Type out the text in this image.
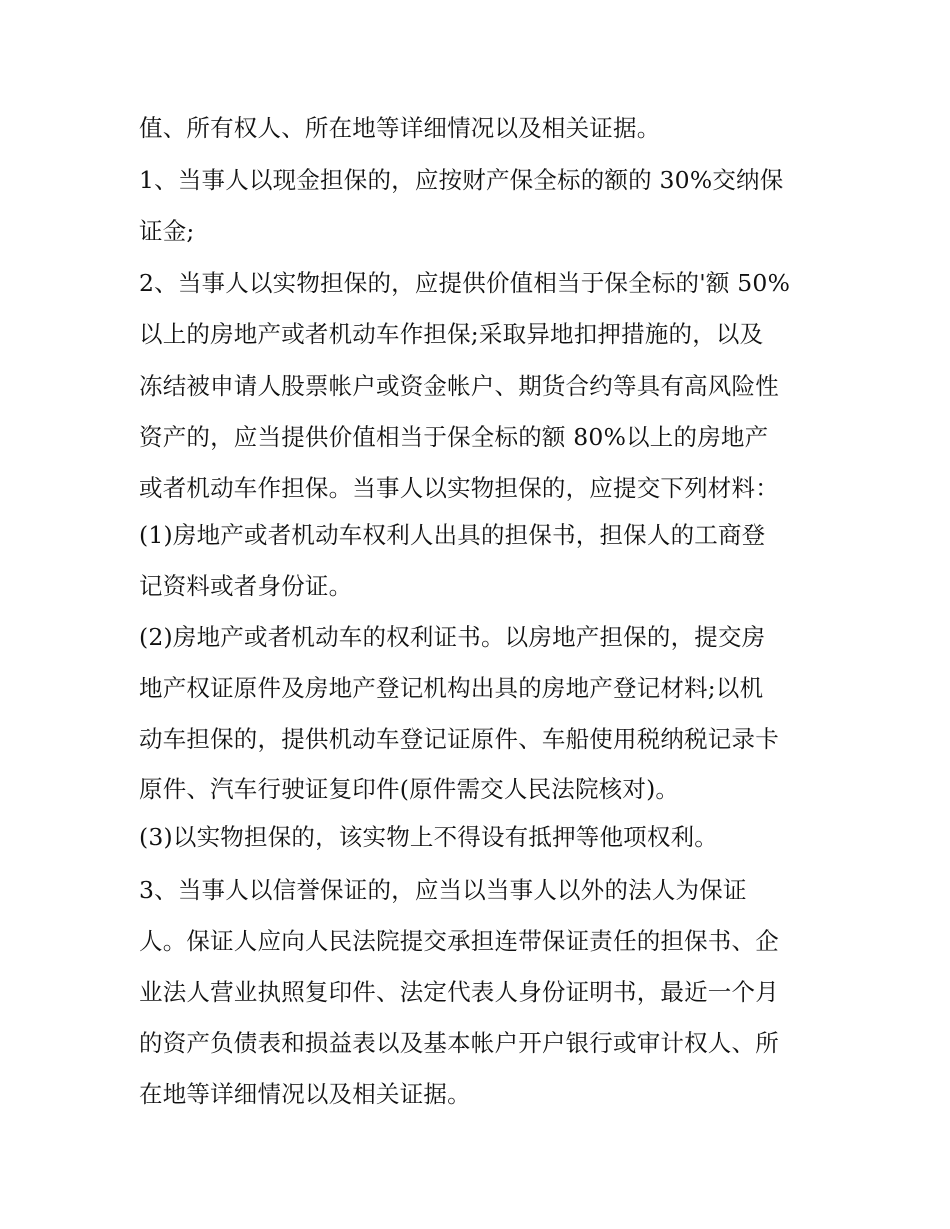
值、所有权人、所在地等详细情况以及相关证据。
1、当事人以现金担保的，应按财产保全标的额的 30%交纳保
证金;
2、当事人以实物担保的，应提供价值相当于保全标的'额 50%
以上的房地产或者机动车作担保;采取异地扣押措施的，以及
冻结被申请人股票帐户或资金帐户、期货合约等具有高风险性
资产的，应当提供价值相当于保全标的额 80%以上的房地产
或者机动车作担保。当事人以实物担保的，应提交下列材料：
(1)房地产或者机动车权利人出具的担保书，担保人的工商登
记资料或者身份证。
(2)房地产或者机动车的权利证书。以房地产担保的，提交房
地产权证原件及房地产登记机构出具的房地产登记材料;以机
动车担保的，提供机动车登记证原件、车船使用税纳税记录卡
原件、汽车行驶证复印件(原件需交人民法院核对)。
(3)以实物担保的，该实物上不得设有抵押等他项权利。
3、当事人以信誉保证的，应当以当事人以外的法人为保证
人。保证人应向人民法院提交承担连带保证责任的担保书、企
业法人营业执照复印件、法定代表人身份证明书，最近一个月
的资产负债表和损益表以及基本帐户开户银行或审计权人、所
在地等详细情况以及相关证据。
